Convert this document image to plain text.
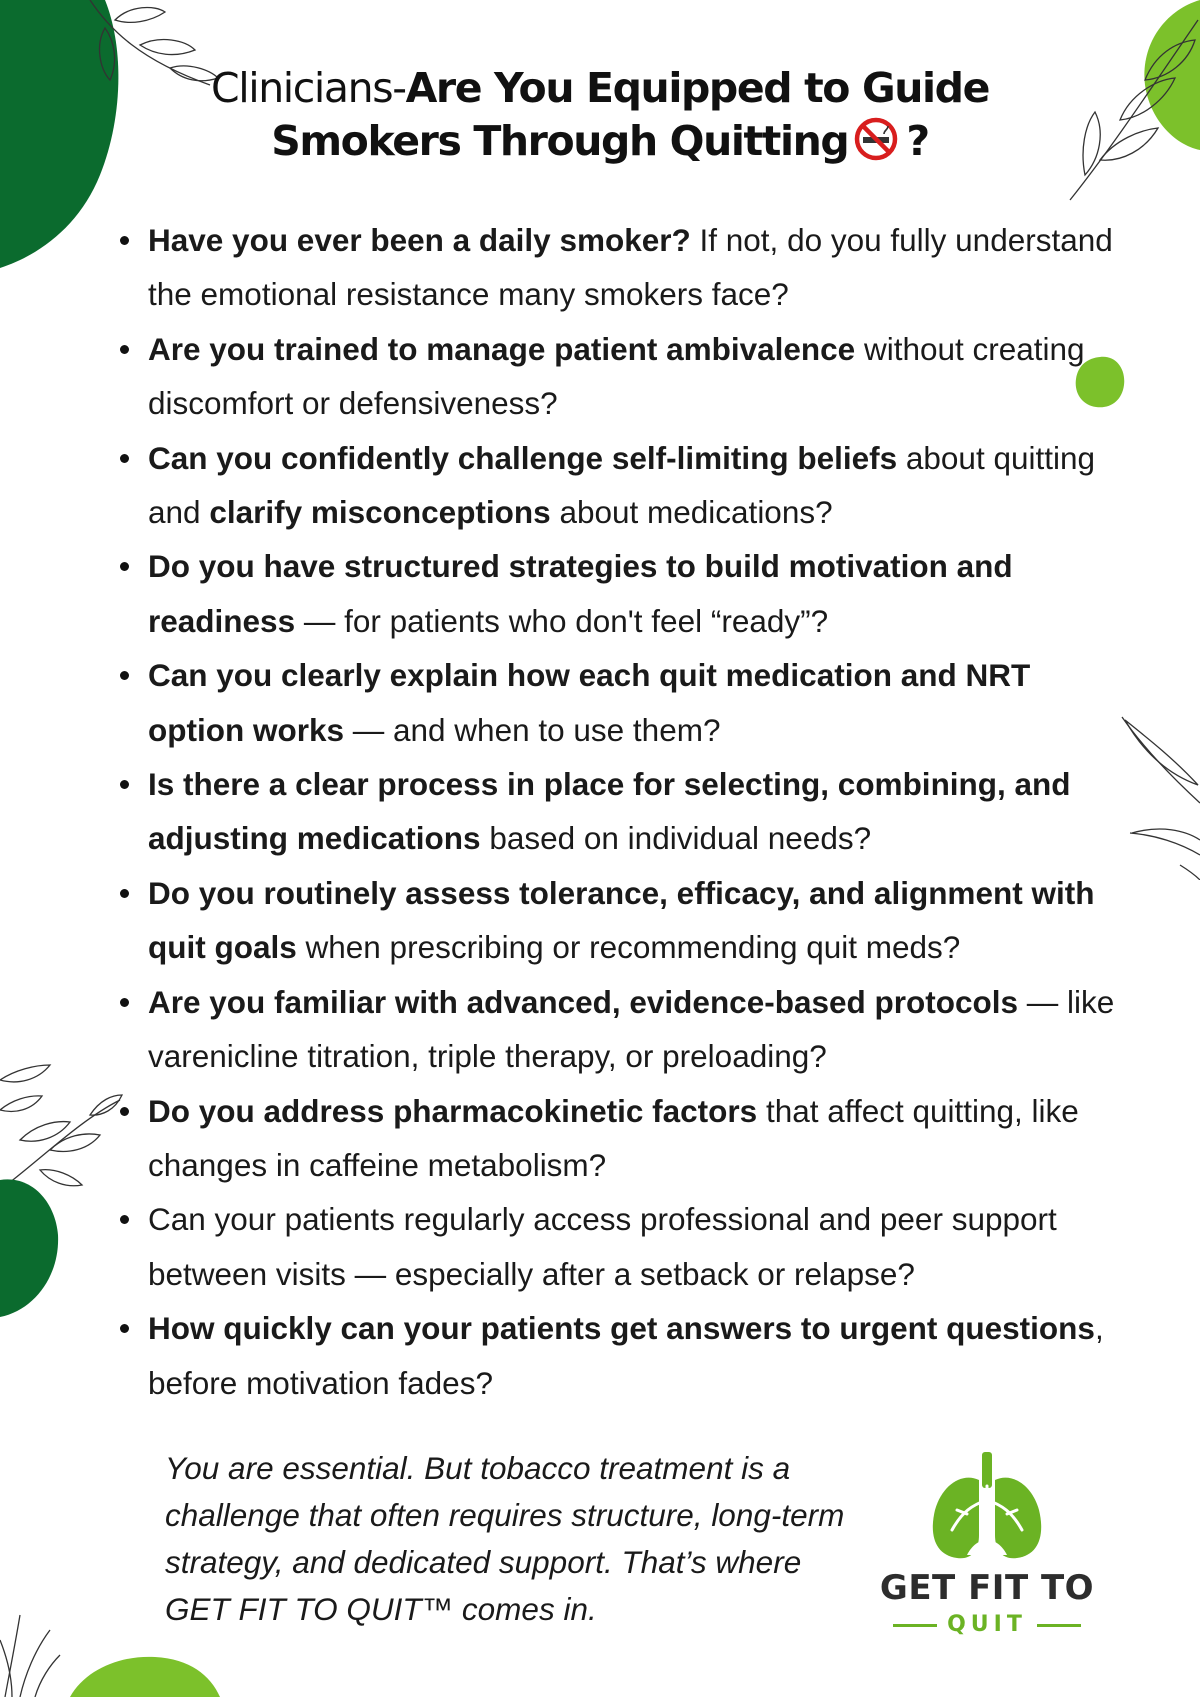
Clinicians-Are You Equipped to Guide
Smokers Through Quitting ?
Have you ever been a daily smoker? If not, do you fully understand the emotional resistance many smokers face?
Are you trained to manage patient ambivalence without creating discomfort or defensiveness?
Can you confidently challenge self-limiting beliefs about quitting and clarify misconceptions about medications?
Do you have structured strategies to build motivation and readiness — for patients who don't feel “ready”?
Can you clearly explain how each quit medication and NRT option works — and when to use them?
Is there a clear process in place for selecting, combining, and adjusting medications based on individual needs?
Do you routinely assess tolerance, efficacy, and alignment with quit goals when prescribing or recommending quit meds?
Are you familiar with advanced, evidence-based protocols — like varenicline titration, triple therapy, or preloading?
Do you address pharmacokinetic factors that affect quitting, like changes in caffeine metabolism?
Can your patients regularly access professional and peer support between visits — especially after a setback or relapse?
How quickly can your patients get answers to urgent questions, before motivation fades?
You are essential. But tobacco treatment is a challenge that often requires structure, long-term strategy, and dedicated support. That’s where GET FIT TO QUIT™ comes in.
GET FIT TO
QUIT
